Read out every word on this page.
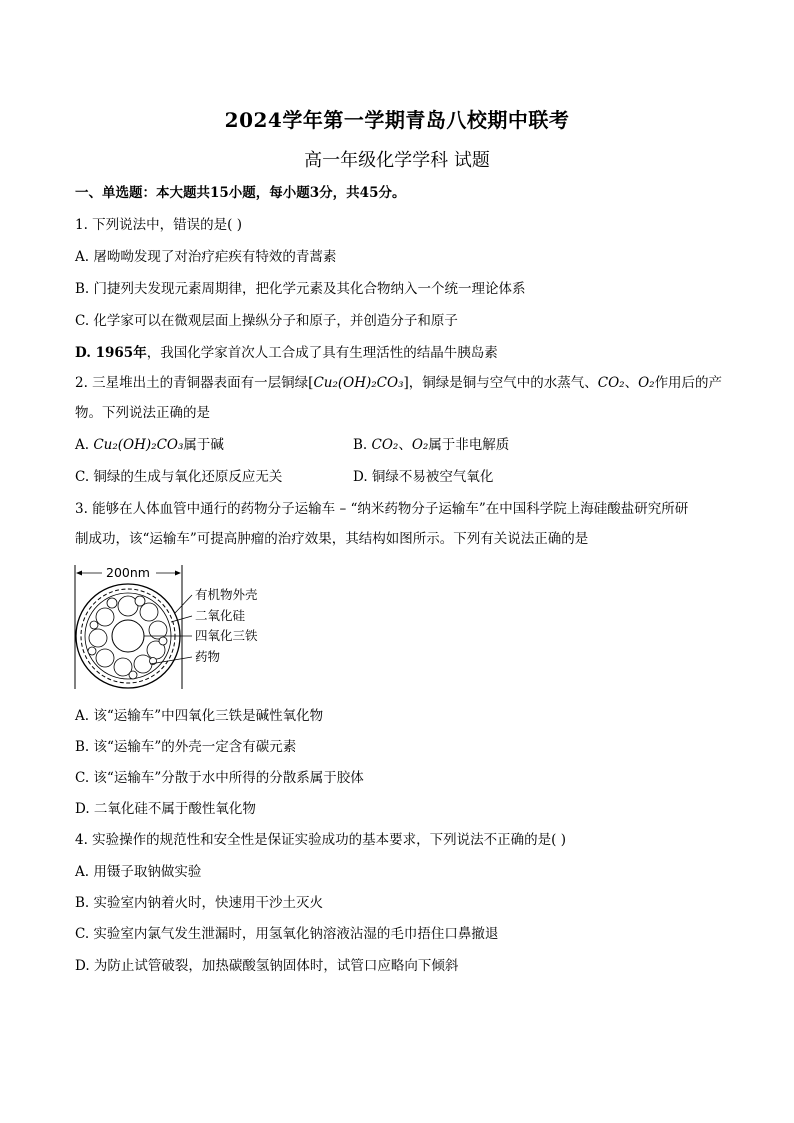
2024学年第一学期青岛八校期中联考
高一年级化学学科 试题
一、单选题：本大题共15小题，每小题3分，共45分。
1. 下列说法中，错误的是( )
A. 屠呦呦发现了对治疗疟疾有特效的青蒿素
B. 门捷列夫发现元素周期律，把化学元素及其化合物纳入一个统一理论体系
C. 化学家可以在微观层面上操纵分子和原子，并创造分子和原子
D. 1965年，我国化学家首次人工合成了具有生理活性的结晶牛胰岛素
2. 三星堆出土的青铜器表面有一层铜绿[Cu₂(OH)₂CO₃]，铜绿是铜与空气中的水蒸气、CO₂、O₂作用后的产
物。下列说法正确的是
A. Cu₂(OH)₂CO₃属于碱	B. CO₂、O₂属于非电解质
C. 铜绿的生成与氧化还原反应无关	D. 铜绿不易被空气氧化
3. 能够在人体血管中通行的药物分子运输车 – “纳米药物分子运输车”在中国科学院上海硅酸盐研究所研
制成功，该“运输车”可提高肿瘤的治疗效果，其结构如图所示。下列有关说法正确的是
200nm
有机物外壳
二氧化硅
四氧化三铁
药物
A. 该“运输车”中四氧化三铁是碱性氧化物
B. 该“运输车”的外壳一定含有碳元素
C. 该“运输车”分散于水中所得的分散系属于胶体
D. 二氧化硅不属于酸性氧化物
4. 实验操作的规范性和安全性是保证实验成功的基本要求，下列说法不正确的是( )
A. 用镊子取钠做实验
B. 实验室内钠着火时，快速用干沙土灭火
C. 实验室内氯气发生泄漏时，用氢氧化钠溶液沾湿的毛巾捂住口鼻撤退
D. 为防止试管破裂，加热碳酸氢钠固体时，试管口应略向下倾斜
